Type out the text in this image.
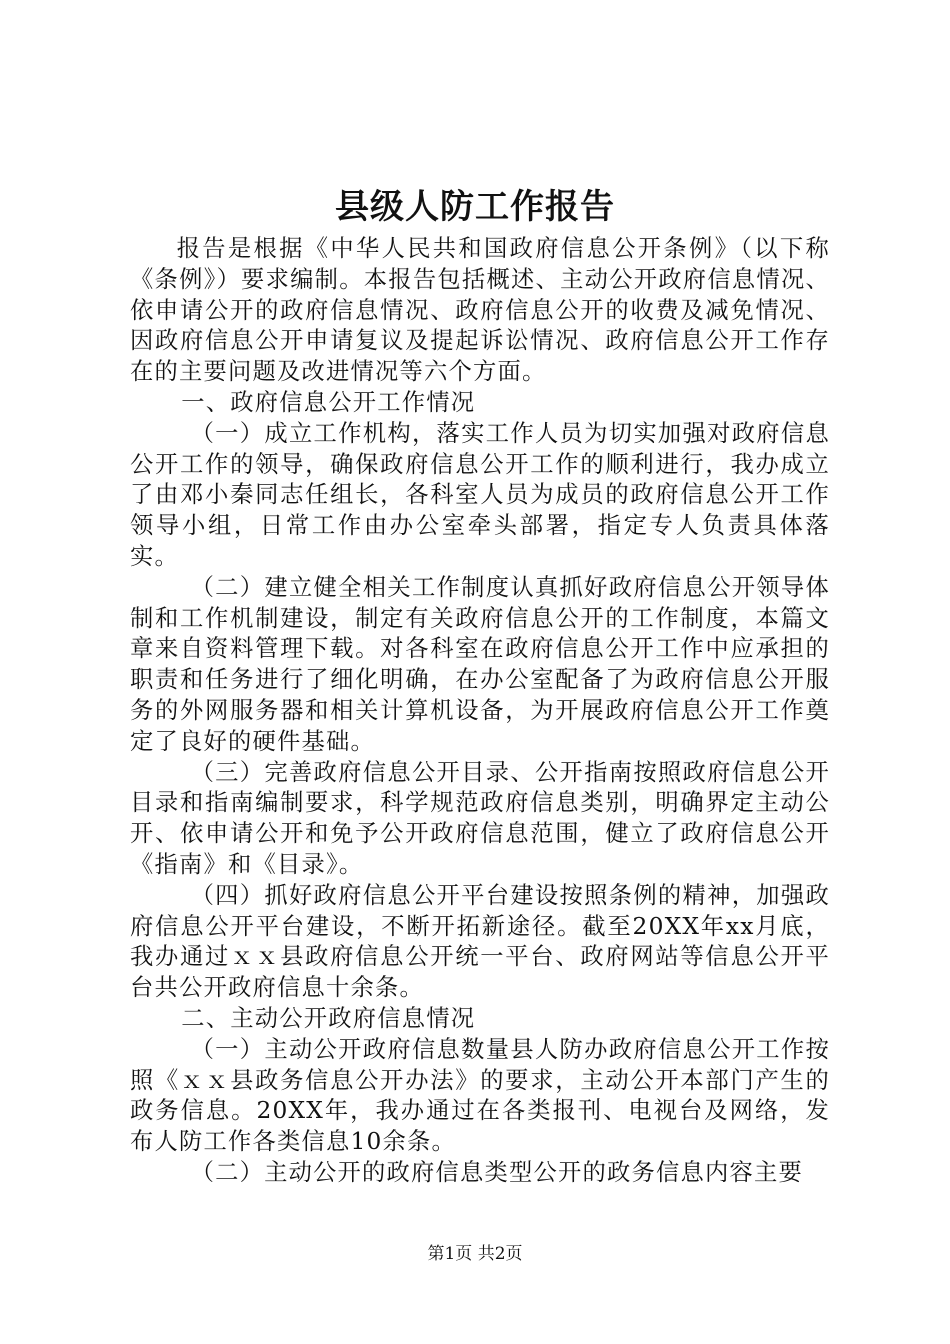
县级人防工作报告

报告是根据《中华人民共和国政府信息公开条例》（以下称《条例》）要求编制。本报告包括概述、主动公开政府信息情况、依申请公开的政府信息情况、政府信息公开的收费及减免情况、因政府信息公开申请复议及提起诉讼情况、政府信息公开工作存在的主要问题及改进情况等六个方面。

一、政府信息公开工作情况

（一）成立工作机构，落实工作人员为切实加强对政府信息公开工作的领导，确保政府信息公开工作的顺利进行，我办成立了由邓小秦同志任组长，各科室人员为成员的政府信息公开工作领导小组，日常工作由办公室牵头部署，指定专人负责具体落实。

（二）建立健全相关工作制度认真抓好政府信息公开领导体制和工作机制建设，制定有关政府信息公开的工作制度，本篇文章来自资料管理下载。对各科室在政府信息公开工作中应承担的职责和任务进行了细化明确，在办公室配备了为政府信息公开服务的外网服务器和相关计算机设备，为开展政府信息公开工作奠定了良好的硬件基础。

（三）完善政府信息公开目录、公开指南按照政府信息公开目录和指南编制要求，科学规范政府信息类别，明确界定主动公开、依申请公开和免予公开政府信息范围，健立了政府信息公开《指南》和《目录》。

（四）抓好政府信息公开平台建设按照条例的精神，加强政府信息公开平台建设，不断开拓新途径。截至20XX年xx月底，我办通过ｘｘ县政府信息公开统一平台、政府网站等信息公开平台共公开政府信息十余条。

二、主动公开政府信息情况

（一）主动公开政府信息数量县人防办政府信息公开工作按照《ｘｘ县政务信息公开办法》的要求，主动公开本部门产生的政务信息。20XX年，我办通过在各类报刊、电视台及网络，发布人防工作各类信息10余条。

（二）主动公开的政府信息类型公开的政务信息内容主要

第1页 共2页
